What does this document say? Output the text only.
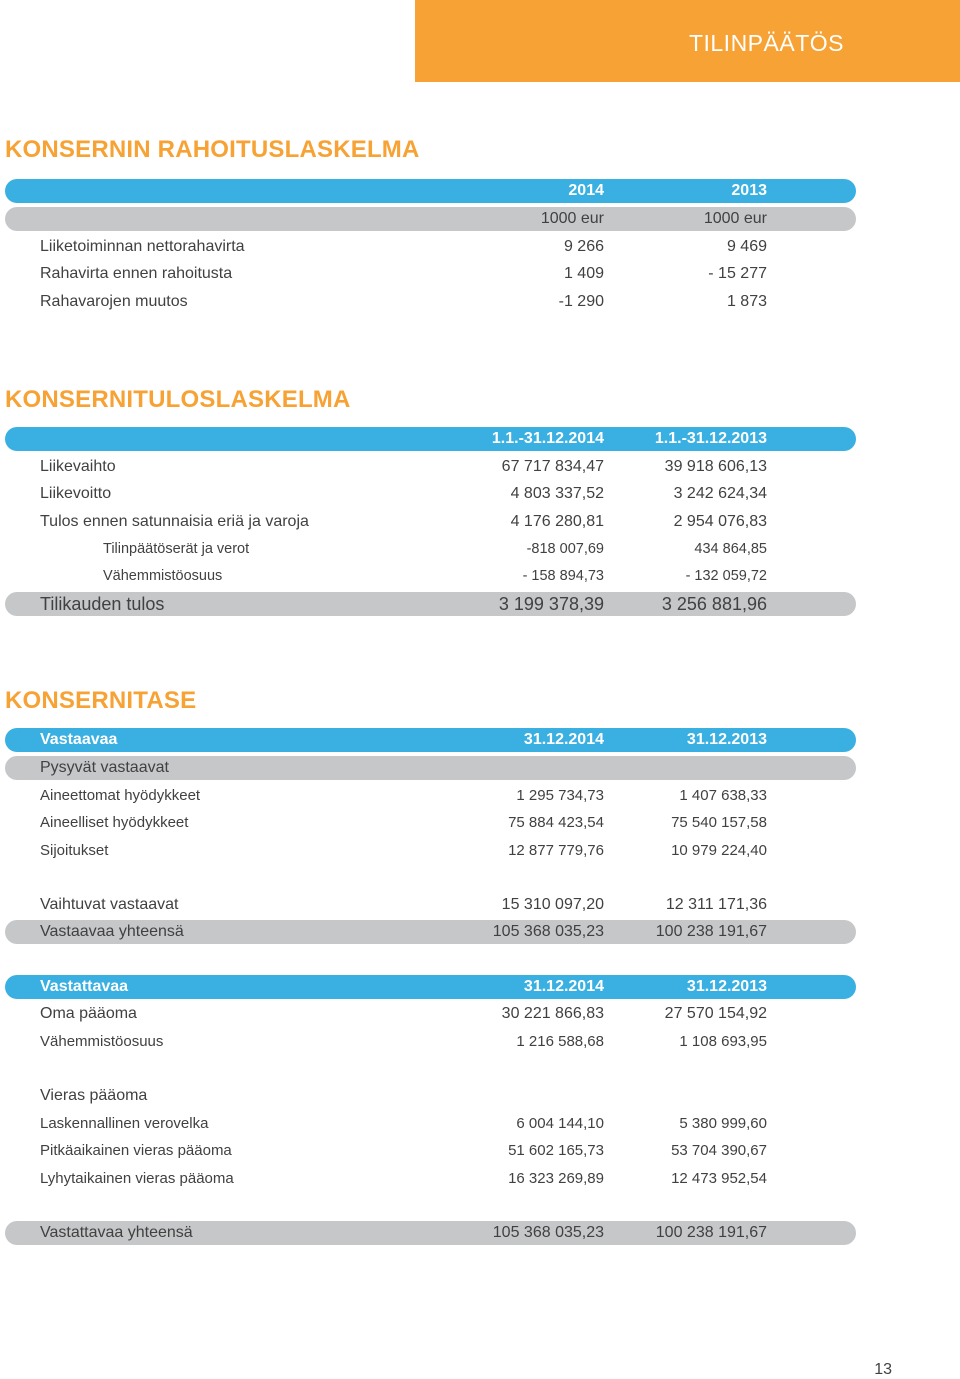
TILINPÄÄTÖS
KONSERNIN RAHOITUSLASKELMA
2014	2013
1000 eur	1000 eur
Liiketoiminnan nettorahavirta	9 266	9 469
Rahavirta ennen rahoitusta	1 409	- 15 277
Rahavarojen muutos	-1 290	1 873
KONSERNITULOSLASKELMA
1.1.-31.12.2014	1.1.-31.12.2013
Liikevaihto	67 717 834,47	39 918 606,13
Liikevoitto	4 803 337,52	3 242 624,34
Tulos ennen satunnaisia eriä ja varoja	4 176 280,81	2 954 076,83
Tilinpäätöserät ja verot	-818 007,69	434 864,85
Vähemmistöosuus	- 158 894,73	- 132 059,72
Tilikauden tulos	3 199 378,39	3 256 881,96
KONSERNITASE
Vastaavaa	31.12.2014	31.12.2013
Pysyvät vastaavat
Aineettomat hyödykkeet	1 295 734,73	1 407 638,33
Aineelliset hyödykkeet	75 884 423,54	75 540 157,58
Sijoitukset	12 877 779,76	10 979 224,40
Vaihtuvat vastaavat	15 310 097,20	12 311 171,36
Vastaavaa yhteensä	105 368 035,23	100 238 191,67
Vastattavaa	31.12.2014	31.12.2013
Oma pääoma	30 221 866,83	27 570 154,92
Vähemmistöosuus	1 216 588,68	1 108 693,95
Vieras pääoma
Laskennallinen verovelka	6 004 144,10	5 380 999,60
Pitkäaikainen vieras pääoma	51 602 165,73	53 704 390,67
Lyhytaikainen vieras pääoma	16 323 269,89	12 473 952,54
Vastattavaa yhteensä	105 368 035,23	100 238 191,67
13
